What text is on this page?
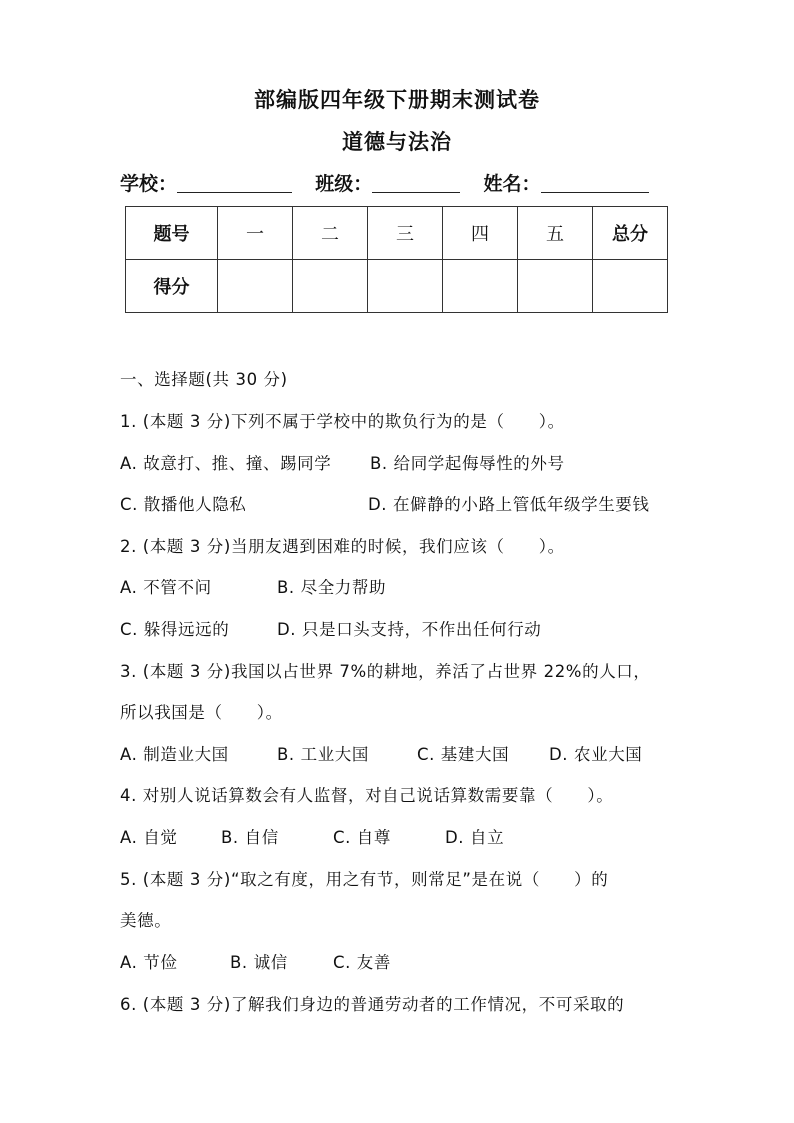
部编版四年级下册期末测试卷
道德与法治
学校：	班级：	姓名：
题号	一	二	三	四	五	总分
得分						
一、选择题(共 30 分)
1. (本题 3 分)下列不属于学校中的欺负行为的是（　　）。
A. 故意打、推、撞、踢同学 B. 给同学起侮辱性的外号
C. 散播他人隐私	D. 在僻静的小路上管低年级学生要钱
2. (本题 3 分)当朋友遇到困难的时候，我们应该（　　）。
A. 不管不问	B. 尽全力帮助
C. 躲得远远的	D. 只是口头支持，不作出任何行动
3. (本题 3 分)我国以占世界 7%的耕地，养活了占世界 22%的人口，
所以我国是（　　）。
A. 制造业大国	B. 工业大国	C. 基建大国 D. 农业大国
4. 对别人说话算数会有人监督，对自己说话算数需要靠（　　）。
A. 自觉	B. 自信	C. 自尊	D. 自立
5. (本题 3 分)“取之有度，用之有节，则常足”是在说（　　）的
美德。
A. 节俭	B. 诚信	C. 友善
6. (本题 3 分)了解我们身边的普通劳动者的工作情况，不可采取的
